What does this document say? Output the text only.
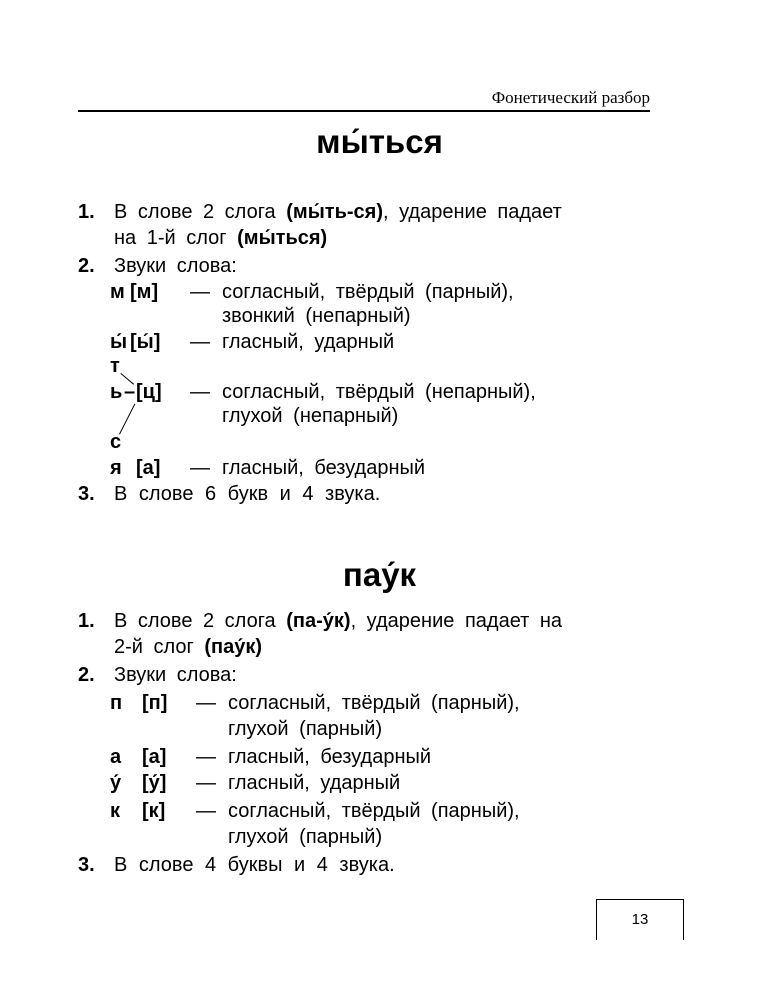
Фонетический разбор
мы́ться
1. В слове 2 слога (мы́ть-ся), ударение падает
на 1-й слог (мы́ться)
2. Звуки слова:
м [м] — согласный, твёрдый (парный),
звонкий (непарный)
ы́ [ы́] — гласный, ударный
т
ь – [ц] — согласный, твёрдый (непарный),
глухой (непарный)
с
я [а] — гласный, безударный
3. В слове 6 букв и 4 звука.
пау́к
1. В слове 2 слога (па-у́к), ударение падает на
2-й слог (пау́к)
2. Звуки слова:
п [п] — согласный, твёрдый (парный),
глухой (парный)
а [а] — гласный, безударный
у́ [у́] — гласный, ударный
к [к] — согласный, твёрдый (парный),
глухой (парный)
3. В слове 4 буквы и 4 звука.
13
